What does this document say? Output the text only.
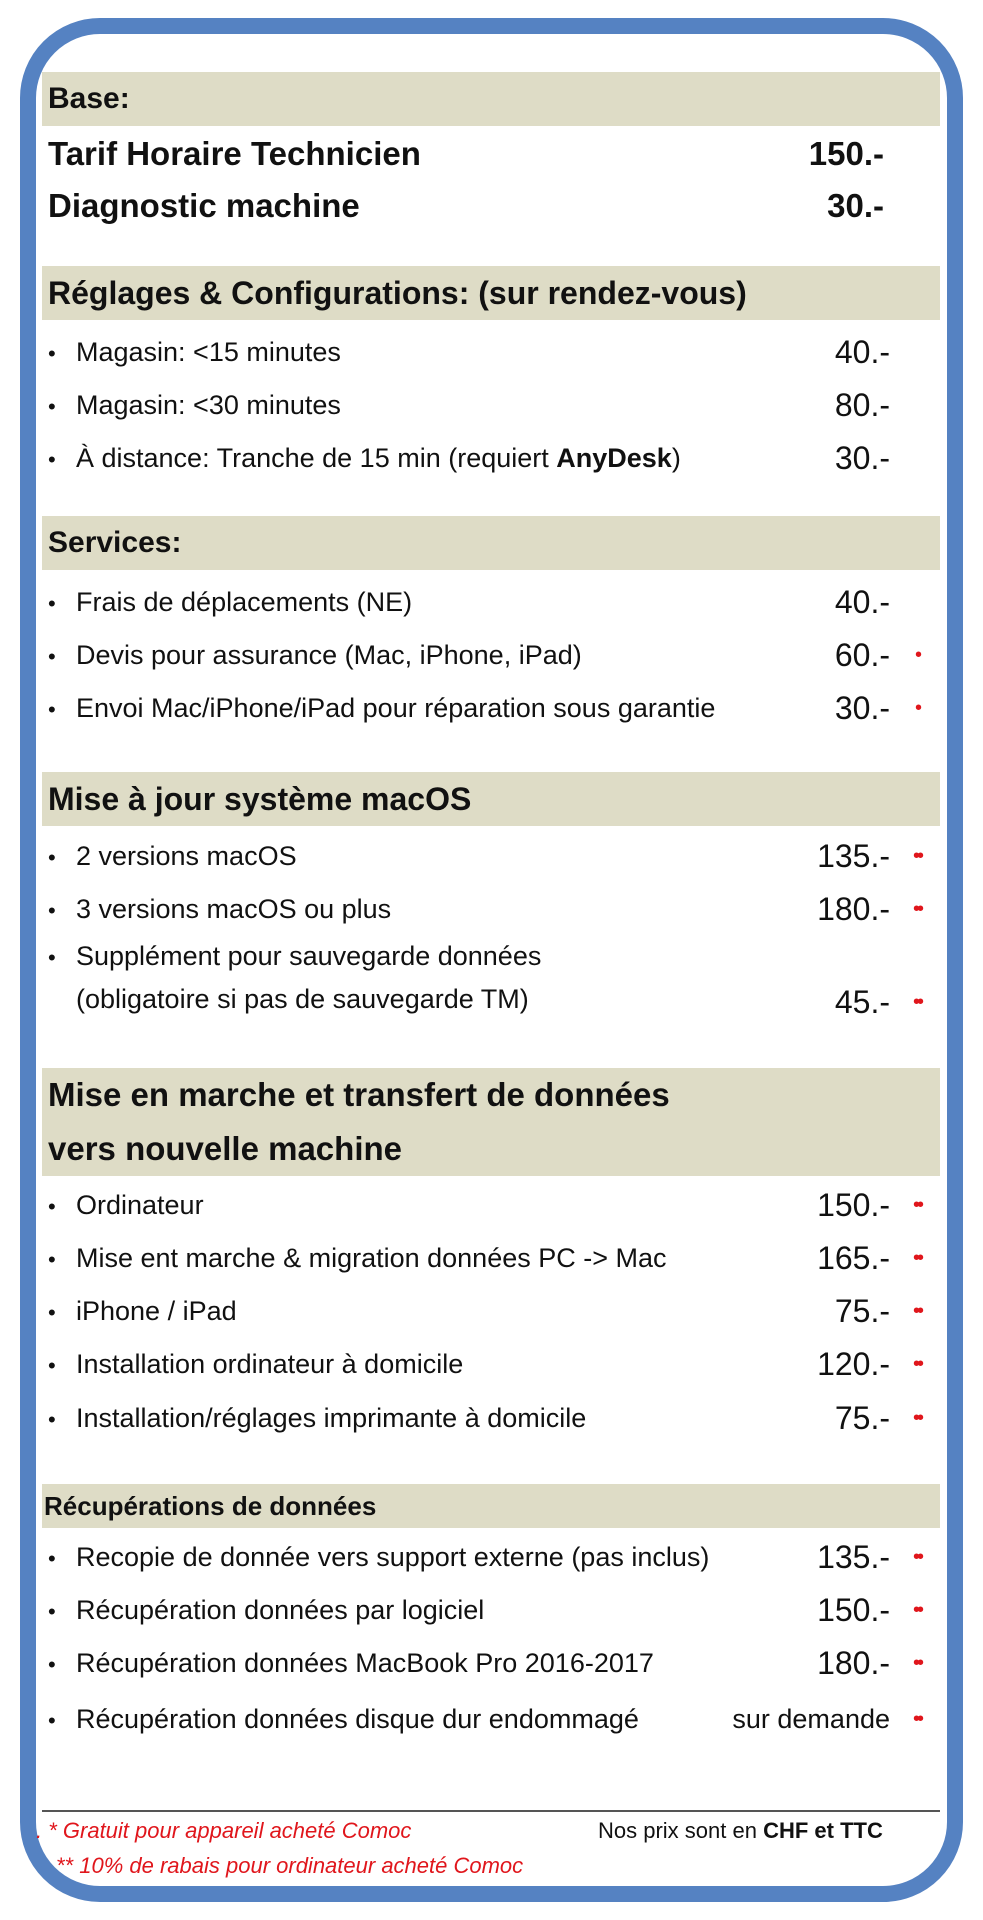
Base:
Tarif Horaire Technicien	150.-
Diagnostic machine	30.-
Réglages & Configurations: (sur rendez-vous)
• Magasin: <15 minutes	40.-
• Magasin: <30 minutes	80.-
• À distance: Tranche de 15 min (requiert AnyDesk)	30.-
Services:
• Frais de déplacements (NE)	40.-
• Devis pour assurance (Mac, iPhone, iPad)	60.-	•
• Envoi Mac/iPhone/iPad pour réparation sous garantie	30.-	•
Mise à jour système macOS
• 2 versions macOS	135.-	••
• 3 versions macOS ou plus	180.-	••
• Supplément pour sauvegarde données
(obligatoire si pas de sauvegarde TM)	45.-	••
Mise en marche et transfert de données
vers nouvelle machine
• Ordinateur	150.-	••
• Mise ent marche & migration données PC -> Mac	165.-	••
• iPhone / iPad	75.-	••
• Installation ordinateur à domicile	120.-	••
• Installation/réglages imprimante à domicile	75.-	••
Récupérations de données
• Recopie de donnée vers support externe (pas inclus)	135.-	••
• Récupération données par logiciel	150.-	••
• Récupération données MacBook Pro 2016-2017	180.-	••
• Récupération données disque dur endommagé	sur demande	••
. * Gratuit pour appareil acheté Comoc
** 10% de rabais pour ordinateur acheté Comoc
Nos prix sont en CHF et TTC
